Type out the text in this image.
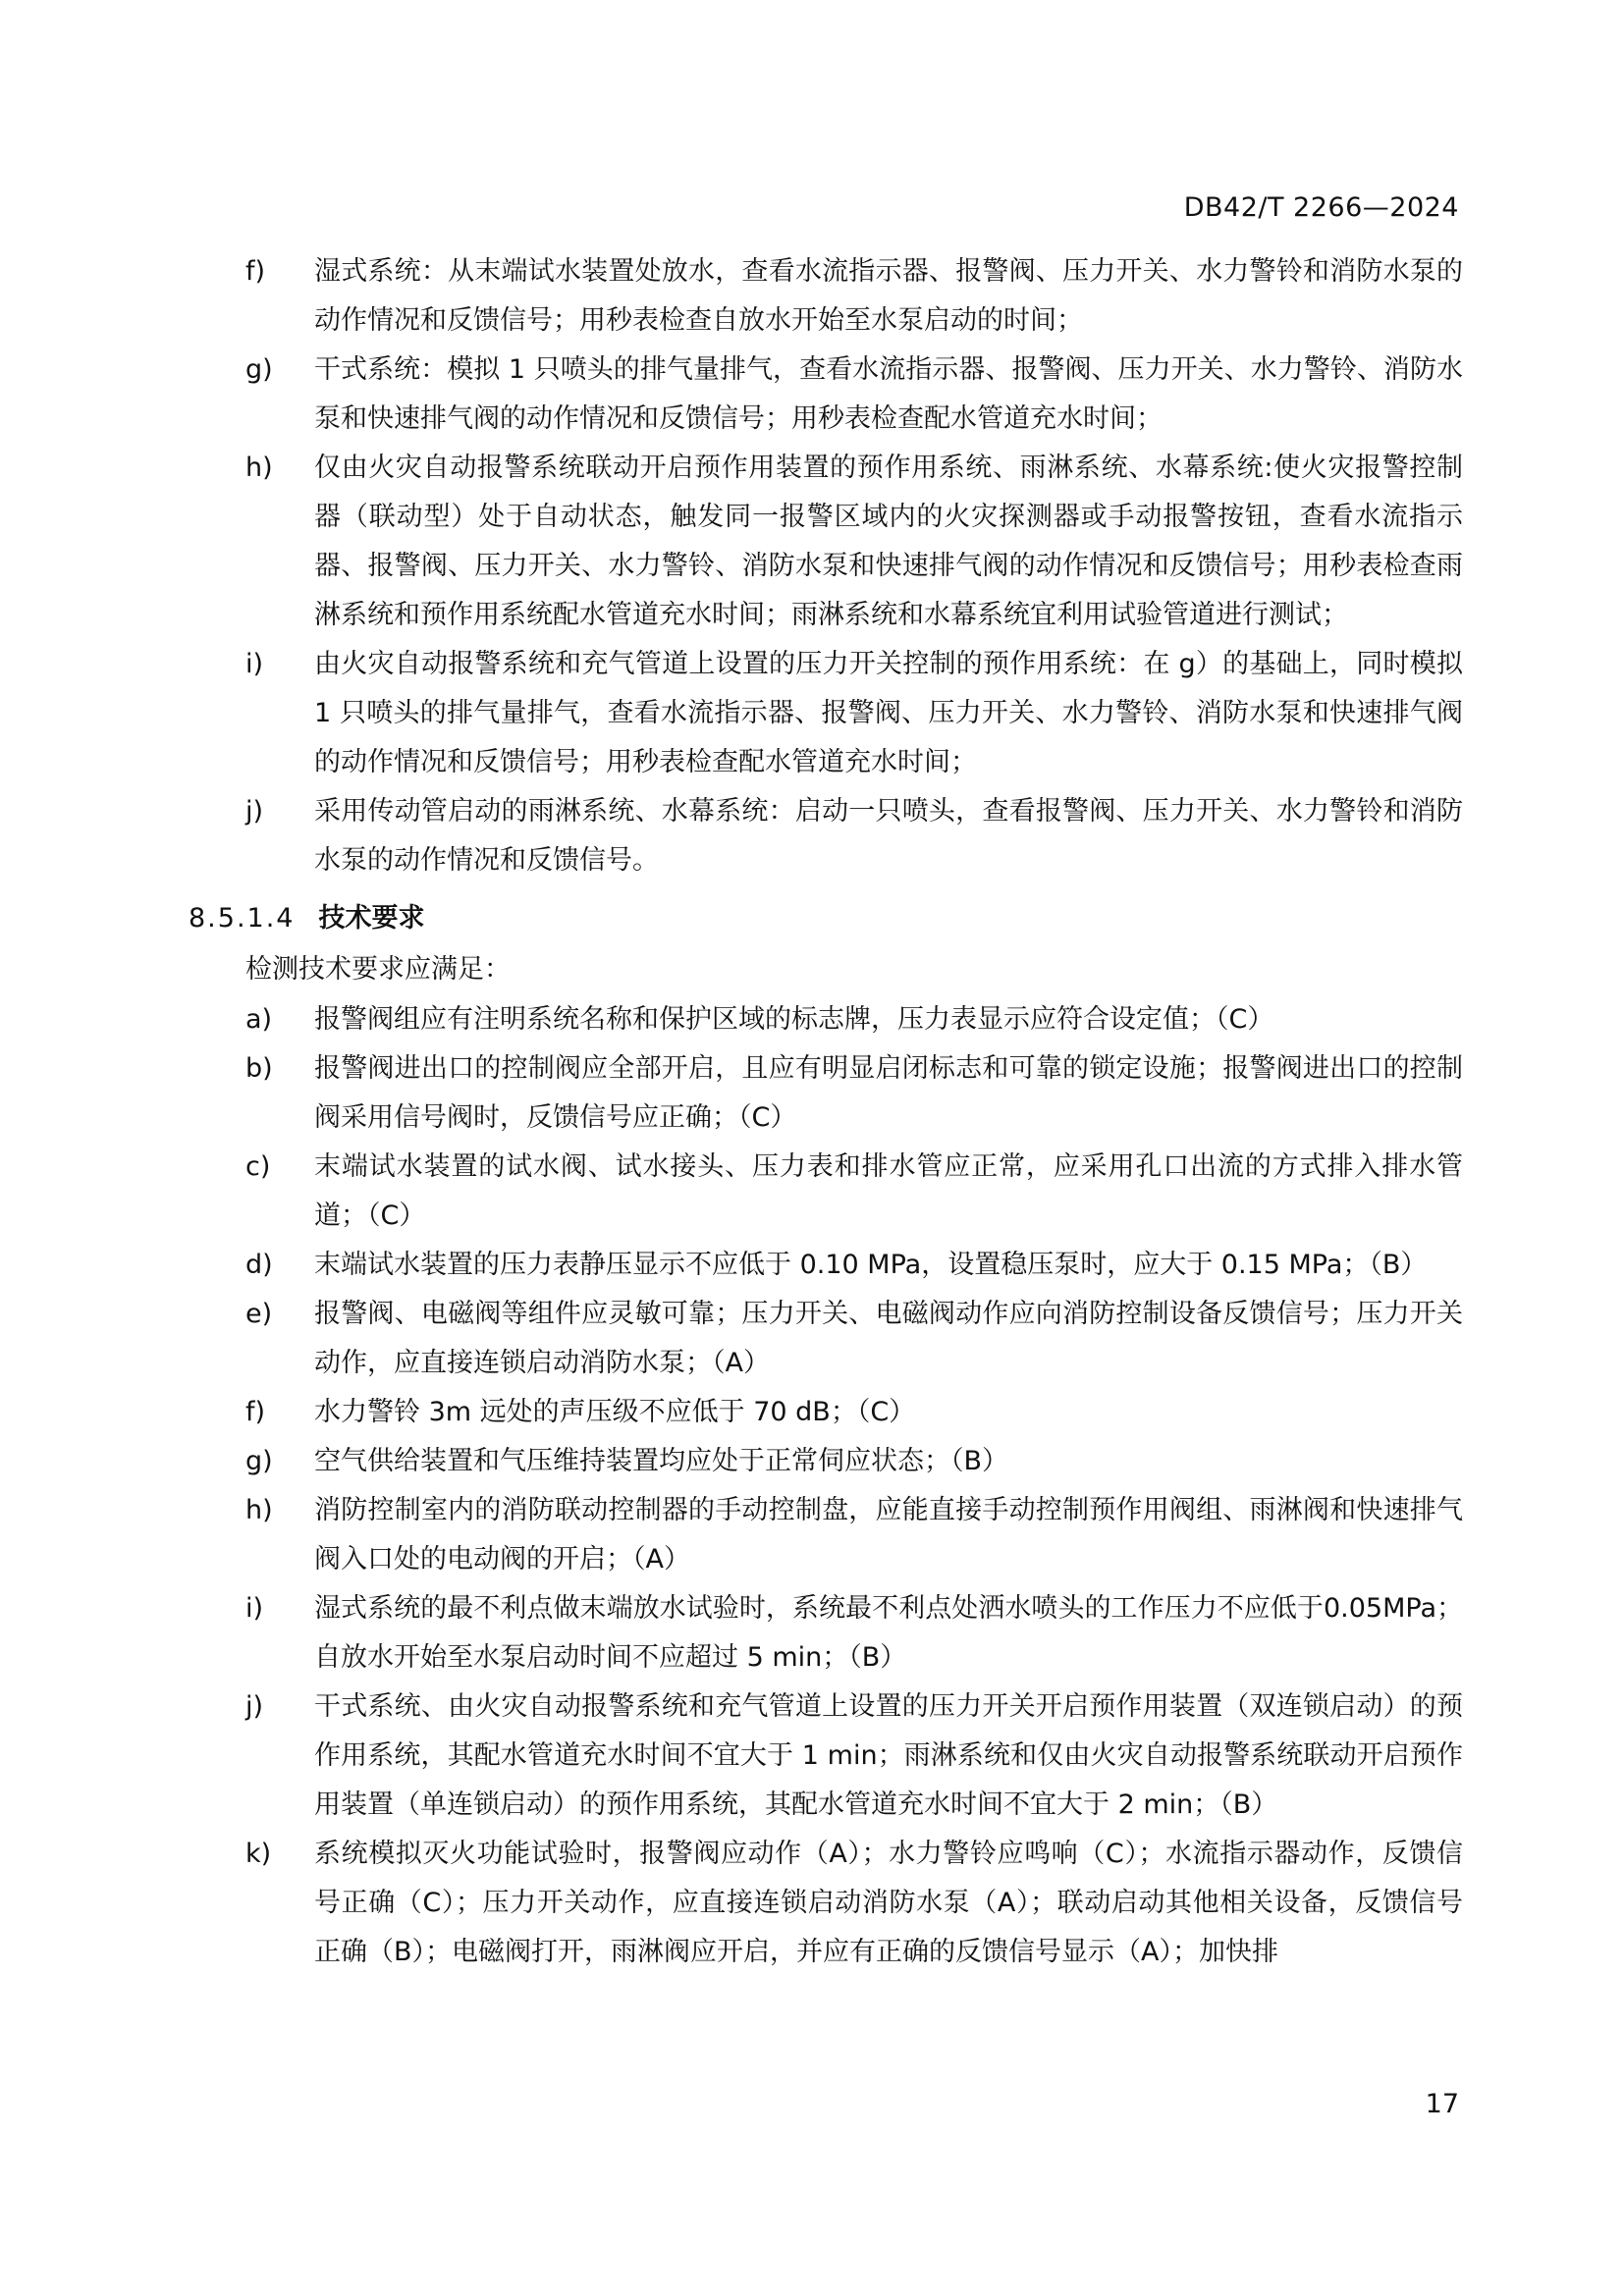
DB42/T 2266—2024
f)	湿式系统：从末端试水装置处放水，查看水流指示器、报警阀、压力开关、水力警铃和消防水泵的动作情况和反馈信号；用秒表检查自放水开始至水泵启动的时间；
g)	干式系统：模拟 1 只喷头的排气量排气，查看水流指示器、报警阀、压力开关、水力警铃、消防水泵和快速排气阀的动作情况和反馈信号；用秒表检查配水管道充水时间；
h)	仅由火灾自动报警系统联动开启预作用装置的预作用系统、雨淋系统、水幕系统:使火灾报警控制器（联动型）处于自动状态，触发同一报警区域内的火灾探测器或手动报警按钮，查看水流指示器、报警阀、压力开关、水力警铃、消防水泵和快速排气阀的动作情况和反馈信号；用秒表检查雨淋系统和预作用系统配水管道充水时间；雨淋系统和水幕系统宜利用试验管道进行测试；
i)	由火灾自动报警系统和充气管道上设置的压力开关控制的预作用系统：在 g）的基础上，同时模拟 1 只喷头的排气量排气，查看水流指示器、报警阀、压力开关、水力警铃、消防水泵和快速排气阀的动作情况和反馈信号；用秒表检查配水管道充水时间；
j)	采用传动管启动的雨淋系统、水幕系统：启动一只喷头，查看报警阀、压力开关、水力警铃和消防水泵的动作情况和反馈信号。
8.5.1.4 技术要求
检测技术要求应满足：
a)	报警阀组应有注明系统名称和保护区域的标志牌，压力表显示应符合设定值；（C）
b)	报警阀进出口的控制阀应全部开启，且应有明显启闭标志和可靠的锁定设施；报警阀进出口的控制阀采用信号阀时，反馈信号应正确；（C）
c)	末端试水装置的试水阀、试水接头、压力表和排水管应正常，应采用孔口出流的方式排入排水管道；（C）
d)	末端试水装置的压力表静压显示不应低于 0.10 MPa，设置稳压泵时，应大于 0.15 MPa；（B）
e)	报警阀、电磁阀等组件应灵敏可靠；压力开关、电磁阀动作应向消防控制设备反馈信号；压力开关动作，应直接连锁启动消防水泵；（A）
f)	水力警铃 3m 远处的声压级不应低于 70 dB；（C）
g)	空气供给装置和气压维持装置均应处于正常伺应状态；（B）
h)	消防控制室内的消防联动控制器的手动控制盘，应能直接手动控制预作用阀组、雨淋阀和快速排气阀入口处的电动阀的开启；（A）
i)	湿式系统的最不利点做末端放水试验时，系统最不利点处洒水喷头的工作压力不应低于0.05MPa；自放水开始至水泵启动时间不应超过 5 min；（B）
j)	干式系统、由火灾自动报警系统和充气管道上设置的压力开关开启预作用装置（双连锁启动）的预作用系统，其配水管道充水时间不宜大于 1 min；雨淋系统和仅由火灾自动报警系统联动开启预作用装置（单连锁启动）的预作用系统，其配水管道充水时间不宜大于 2 min；（B）
k)	系统模拟灭火功能试验时，报警阀应动作（A）；水力警铃应鸣响（C）；水流指示器动作，反馈信号正确（C）；压力开关动作，应直接连锁启动消防水泵（A）；联动启动其他相关设备，反馈信号正确（B）；电磁阀打开，雨淋阀应开启，并应有正确的反馈信号显示（A）；加快排
17
